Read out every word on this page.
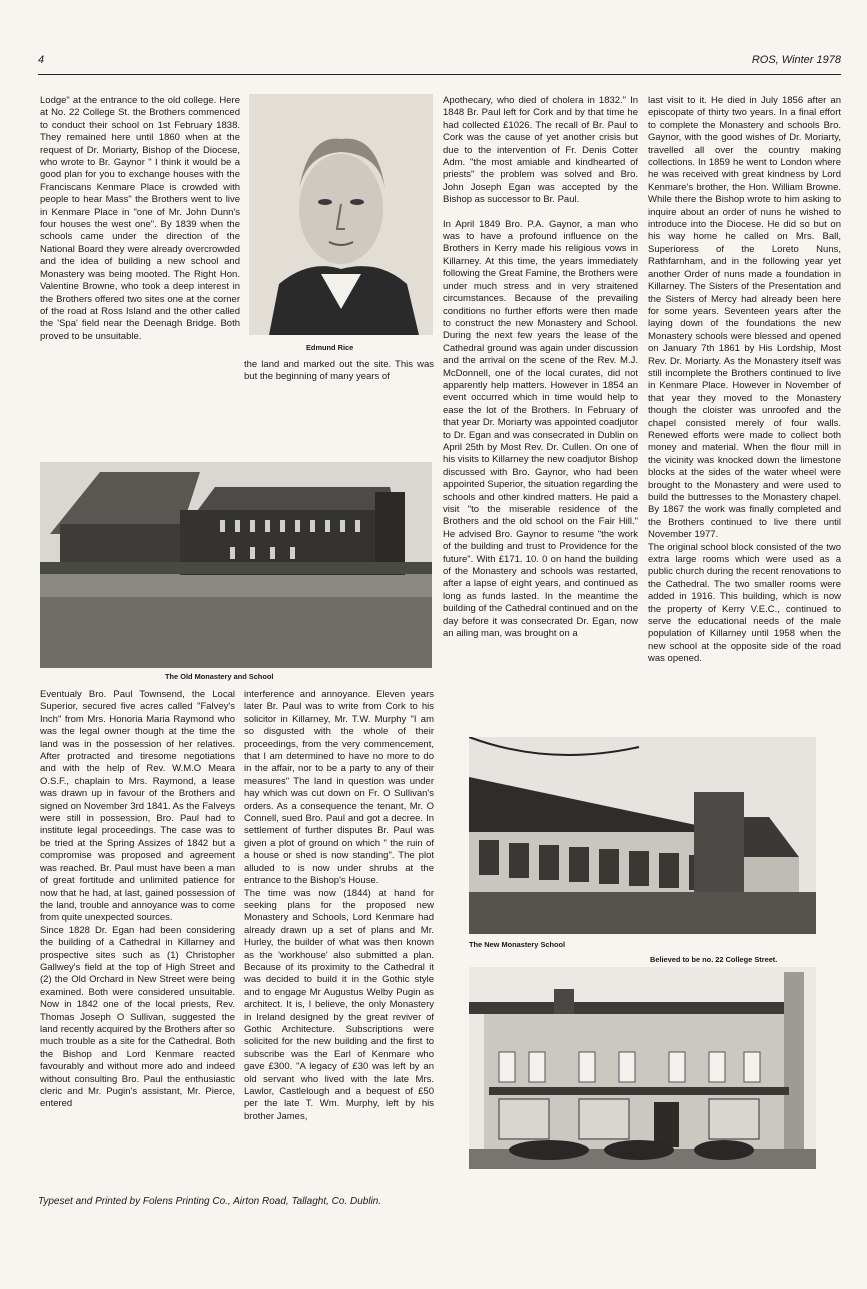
4	ROS, Winter 1978

Lodge" at the entrance to the old college. Here at No. 22 College St. the Brothers commenced to conduct their school on 1st February 1838. They remained here until 1860 when at the request of Dr. Moriarty, Bishop of the Diocese, who wrote to Br. Gaynor " I think it would be a good plan for you to exchange houses with the Franciscans Kenmare Place is crowded with people to hear Mass" the Brothers went to live in Kenmare Place in "one of Mr. John Dunn's four houses the west one". By 1839 when the schools came under the direction of the National Board they were already overcrowded and the idea of building a new school and Monastery was being mooted. The Right Hon. Valentine Browne, who took a deep interest in the Brothers offered two sites one at the corner of the road at Ross Island and the other called the 'Spa' field near the Deenagh Bridge. Both proved to be unsuitable.

Edmund Rice

the land and marked out the site. This was but the beginning of many years of

Apothecary, who died of cholera in 1832." In 1848 Br. Paul left for Cork and by that time he had collected £1026. The recall of Br. Paul to Cork was the cause of yet another crisis but due to the intervention of Fr. Denis Cotter Adm. "the most amiable and kindhearted of priests" the problem was solved and Bro. John Joseph Egan was accepted by the Bishop as successor to Br. Paul.

In April 1849 Bro. P.A. Gaynor, a man who was to have a profound influence on the Brothers in Kerry made his religious vows in Killarney. At this time, the years immediately following the Great Famine, the Brothers were under much stress and in very straitened circumstances. Because of the prevailing conditions no further efforts were then made to construct the new Monastery and School. During the next few years the lease of the Cathedral ground was again under discussion and the arrival on the scene of the Rev. M.J. McDonnell, one of the local curates, did not apparently help matters. However in 1854 an event occurred which in time would help to ease the lot of the Brothers. In February of that year Dr. Moriarty was appointed coadjutor to Dr. Egan and was consecrated in Dublin on April 25th by Most Rev. Dr. Cullen. On one of his visits to Killarney the new coadjutor Bishop discussed with Bro. Gaynor, who had been appointed Superior, the situation regarding the schools and other kindred matters. He paid a visit "to the miserable residence of the Brothers and the old school on the Fair Hill." He advised Bro. Gaynor to resume "the work of the building and trust to Providence for the future". With £171. 10. 0 on hand the building of the Monastery and schools was restarted, after a lapse of eight years, and continued as long as funds lasted. In the meantime the building of the Cathedral continued and on the day before it was consecrated Dr. Egan, now an ailing man, was brought on a

last visit to it. He died in July 1856 after an episcopate of thirty two years. In a final effort to complete the Monastery and schools Bro. Gaynor, with the good wishes of Dr. Moriarty, travelled all over the country making collections. In 1859 he went to London where he was received with great kindness by Lord Kenmare's brother, the Hon. William Browne. While there the Bishop wrote to him asking to inquire about an order of nuns he wished to introduce into the Diocese. He did so but on his way home he called on Mrs. Ball, Superioress of the Loreto Nuns, Rathfarnham, and in the following year yet another Order of nuns made a foundation in Killarney. The Sisters of the Presentation and the Sisters of Mercy had already been here for some years. Seventeen years after the laying down of the foundations the new Monastery schools were blessed and opened on January 7th 1861 by His Lordship, Most Rev. Dr. Moriarty. As the Monastery itself was still incomplete the Brothers continued to live in Kenmare Place. However in November of that year they moved to the Monastery though the cloister was unroofed and the chapel consisted merely of four walls. Renewed efforts were made to collect both money and material. When the flour mill in the vicinity was knocked down the limestone blocks at the sides of the water wheel were brought to the Monastery and were used to build the buttresses to the Monastery chapel. By 1867 the work was finally completed and the Brothers continued to live there until November 1977.

The original school block consisted of the two extra large rooms which were used as a public church during the recent renovations to the Cathedral. The two smaller rooms were added in 1916. This building, which is now the property of Kerry V.E.C., continued to serve the educational needs of the male population of Killarney until 1958 when the new school at the opposite side of the road was opened.

The Old Monastery and School

Eventualy Bro. Paul Townsend, the Local Superior, secured five acres called "Falvey's Inch" from Mrs. Honoria Maria Raymond who was the legal owner though at the time the land was in the possession of her relatives. After protracted and tiresome negotiations and with the help of Rev. W.M.O Meara O.S.F., chaplain to Mrs. Raymond, a lease was drawn up in favour of the Brothers and signed on November 3rd 1841. As the Falveys were still in possession, Bro. Paul had to institute legal proceedings. The case was to be tried at the Spring Assizes of 1842 but a compromise was proposed and agreement was reached. Br. Paul must have been a man of great fortitude and unlimited patience for now that he had, at last, gained possession of the land, trouble and annoyance was to come from quite unexpected sources.

Since 1828 Dr. Egan had been considering the building of a Cathedral in Killarney and prospective sites such as (1) Christopher Gallwey's field at the top of High Street and (2) the Old Orchard in New Street were being examined. Both were considered unsuitable. Now in 1842 one of the local priests, Rev. Thomas Joseph O Sullivan, suggested the land recently acquired by the Brothers after so much trouble as a site for the Cathedral. Both the Bishop and Lord Kenmare reacted favourably and without more ado and indeed without consulting Bro. Paul the enthusiastic cleric and Mr. Pugin's assistant, Mr. Pierce, entered

interference and annoyance. Eleven years later Br. Paul was to write from Cork to his solicitor in Killarney, Mr. T.W. Murphy "I am so disgusted with the whole of their proceedings, from the very commencement, that I am determined to have no more to do in the affair, nor to be a party to any of their measures" The land in question was under hay which was cut down on Fr. O Sullivan's orders. As a consequence the tenant, Mr. O Connell, sued Bro. Paul and got a decree. In settlement of further disputes Br. Paul was given a plot of ground on which " the ruin of a house or shed is now standing". The plot alluded to is now under shrubs at the entrance to the Bishop's House.

The time was now (1844) at hand for seeking plans for the proposed new Monastery and Schools, Lord Kenmare had already drawn up a set of plans and Mr. Hurley, the builder of what was then known as the 'workhouse' also submitted a plan. Because of its proximity to the Cathedral it was decided to build it in the Gothic style and to engage Mr Augustus Welby Pugin as architect. It is, I believe, the only Monastery in Ireland designed by the great reviver of Gothic Architecture. Subscriptions were solicited for the new building and the first to subscribe was the Earl of Kenmare who gave £300. "A legacy of £30 was left by an old servant who lived with the late Mrs. Lawlor, Castlelough and a bequest of £50 per the late T. Wm. Murphy, left by his brother James,

The New Monastery School
Believed to be no. 22 College Street.
Typeset and Printed by Folens Printing Co., Airton Road, Tallaght, Co. Dublin.
